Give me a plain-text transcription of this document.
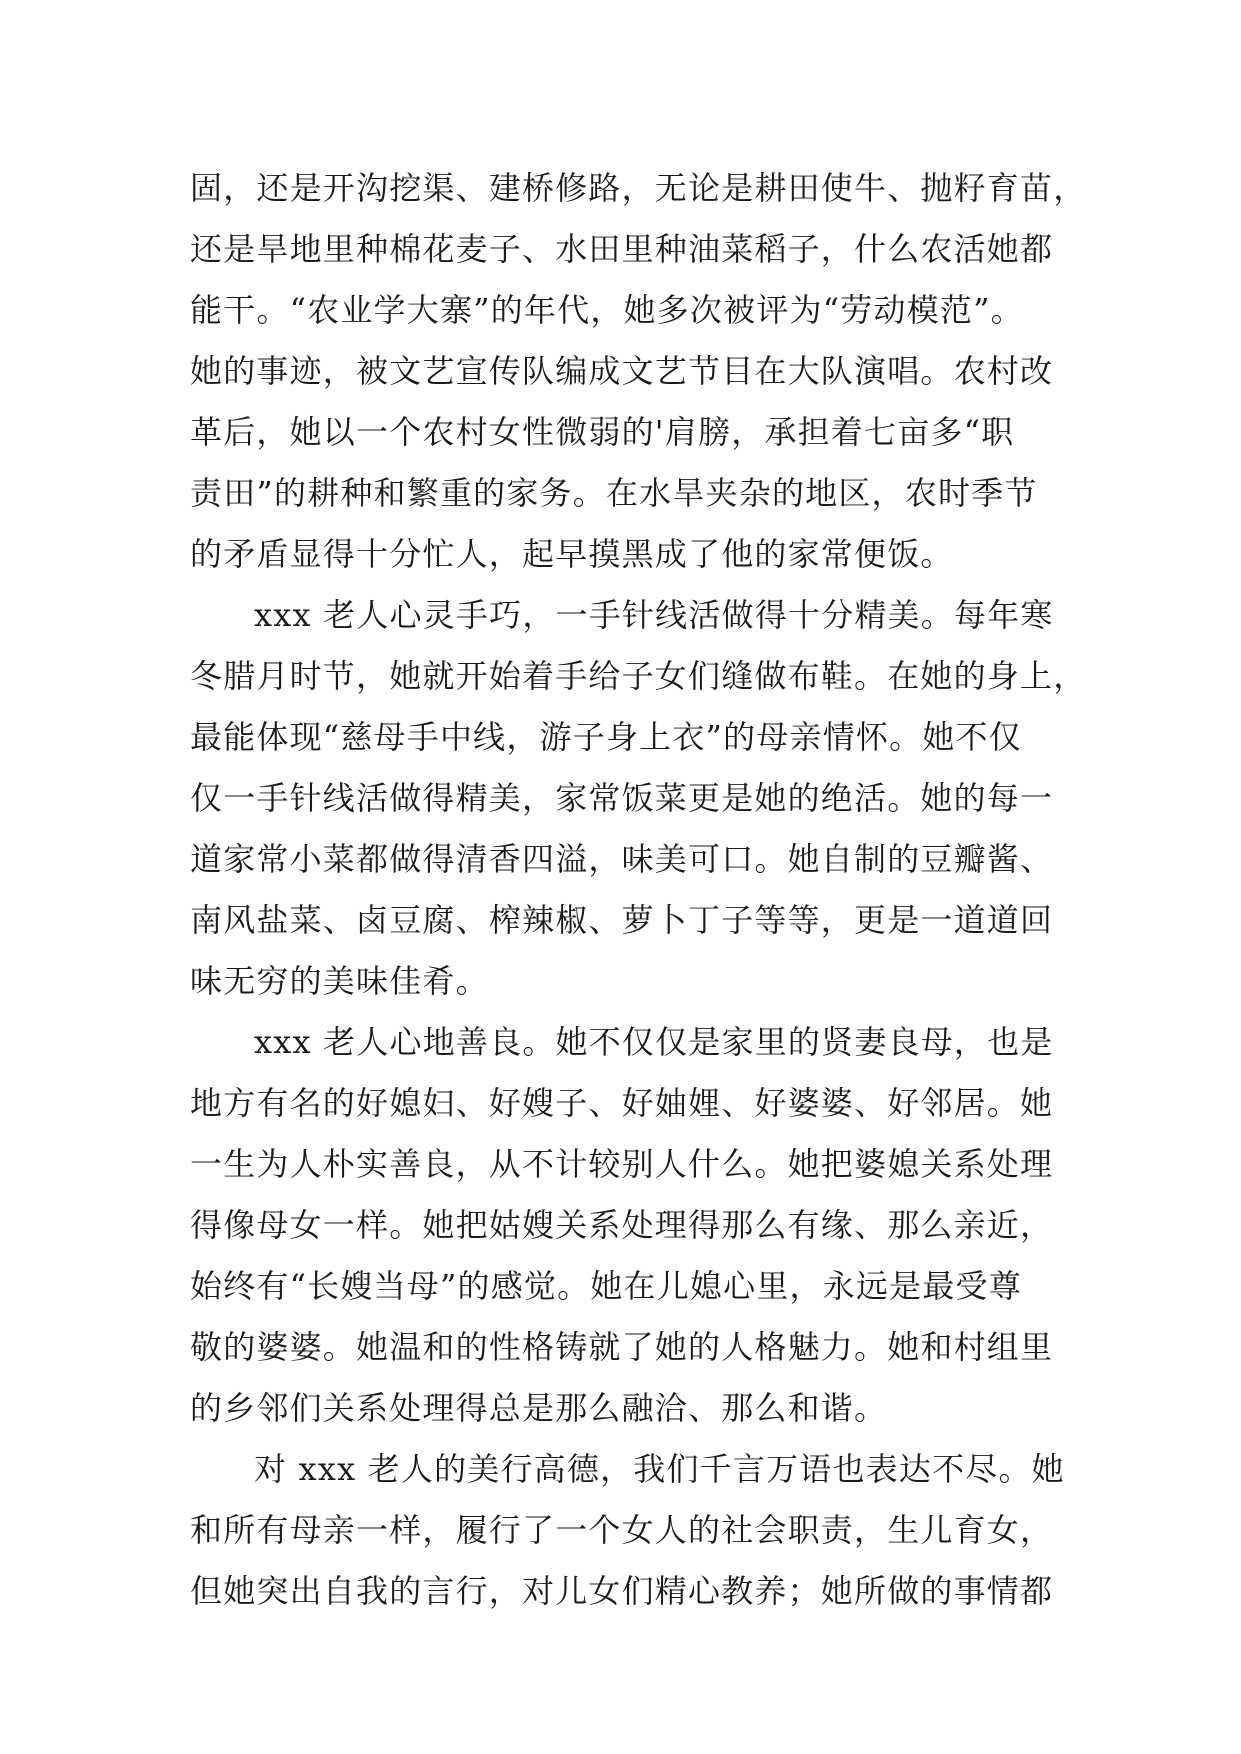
固，还是开沟挖渠、建桥修路，无论是耕田使牛、抛籽育苗，
还是旱地里种棉花麦子、水田里种油菜稻子，什么农活她都
能干。“农业学大寨”的年代，她多次被评为“劳动模范”。
她的事迹，被文艺宣传队编成文艺节目在大队演唱。农村改
革后，她以一个农村女性微弱的'肩膀，承担着七亩多“职
责田”的耕种和繁重的家务。在水旱夹杂的地区，农时季节
的矛盾显得十分忙人，起早摸黑成了他的家常便饭。
xxx 老人心灵手巧，一手针线活做得十分精美。每年寒
冬腊月时节，她就开始着手给子女们缝做布鞋。在她的身上，
最能体现“慈母手中线，游子身上衣”的母亲情怀。她不仅
仅一手针线活做得精美，家常饭菜更是她的绝活。她的每一
道家常小菜都做得清香四溢，味美可口。她自制的豆瓣酱、
南风盐菜、卤豆腐、榨辣椒、萝卜丁子等等，更是一道道回
味无穷的美味佳肴。
xxx 老人心地善良。她不仅仅是家里的贤妻良母，也是
地方有名的好媳妇、好嫂子、好妯娌、好婆婆、好邻居。她
一生为人朴实善良，从不计较别人什么。她把婆媳关系处理
得像母女一样。她把姑嫂关系处理得那么有缘、那么亲近，
始终有“长嫂当母”的感觉。她在儿媳心里，永远是最受尊
敬的婆婆。她温和的性格铸就了她的人格魅力。她和村组里
的乡邻们关系处理得总是那么融洽、那么和谐。
对 xxx 老人的美行高德，我们千言万语也表达不尽。她
和所有母亲一样，履行了一个女人的社会职责，生儿育女，
但她突出自我的言行，对儿女们精心教养；她所做的事情都
